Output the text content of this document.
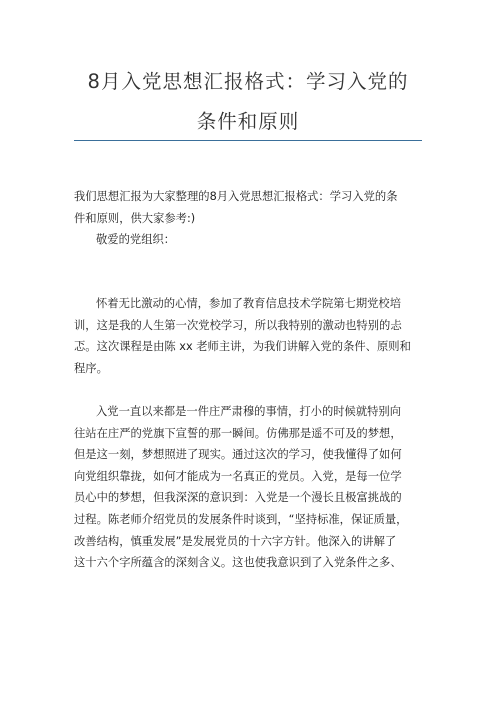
8月入党思想汇报格式：学习入党的
条件和原则
我们思想汇报为大家整理的8月入党思想汇报格式：学习入党的条
件和原则，供大家参考:)
敬爱的党组织：
怀着无比激动的心情，参加了教育信息技术学院第七期党校培
训，这是我的人生第一次党校学习，所以我特别的激动也特别的忐
忑。这次课程是由陈 xx 老师主讲，为我们讲解入党的条件、原则和
程序。
入党一直以来都是一件庄严肃穆的事情，打小的时候就特别向
往站在庄严的党旗下宣誓的那一瞬间。仿佛那是遥不可及的梦想，
但是这一刻，梦想照进了现实。通过这次的学习，使我懂得了如何
向党组织靠拢，如何才能成为一名真正的党员。入党，是每一位学
员心中的梦想，但我深深的意识到：入党是一个漫长且极富挑战的
过程。陈老师介绍党员的发展条件时谈到，“坚持标准，保证质量，
改善结构，慎重发展”是发展党员的十六字方针。他深入的讲解了
这十六个字所蕴含的深刻含义。这也使我意识到了入党条件之多、
